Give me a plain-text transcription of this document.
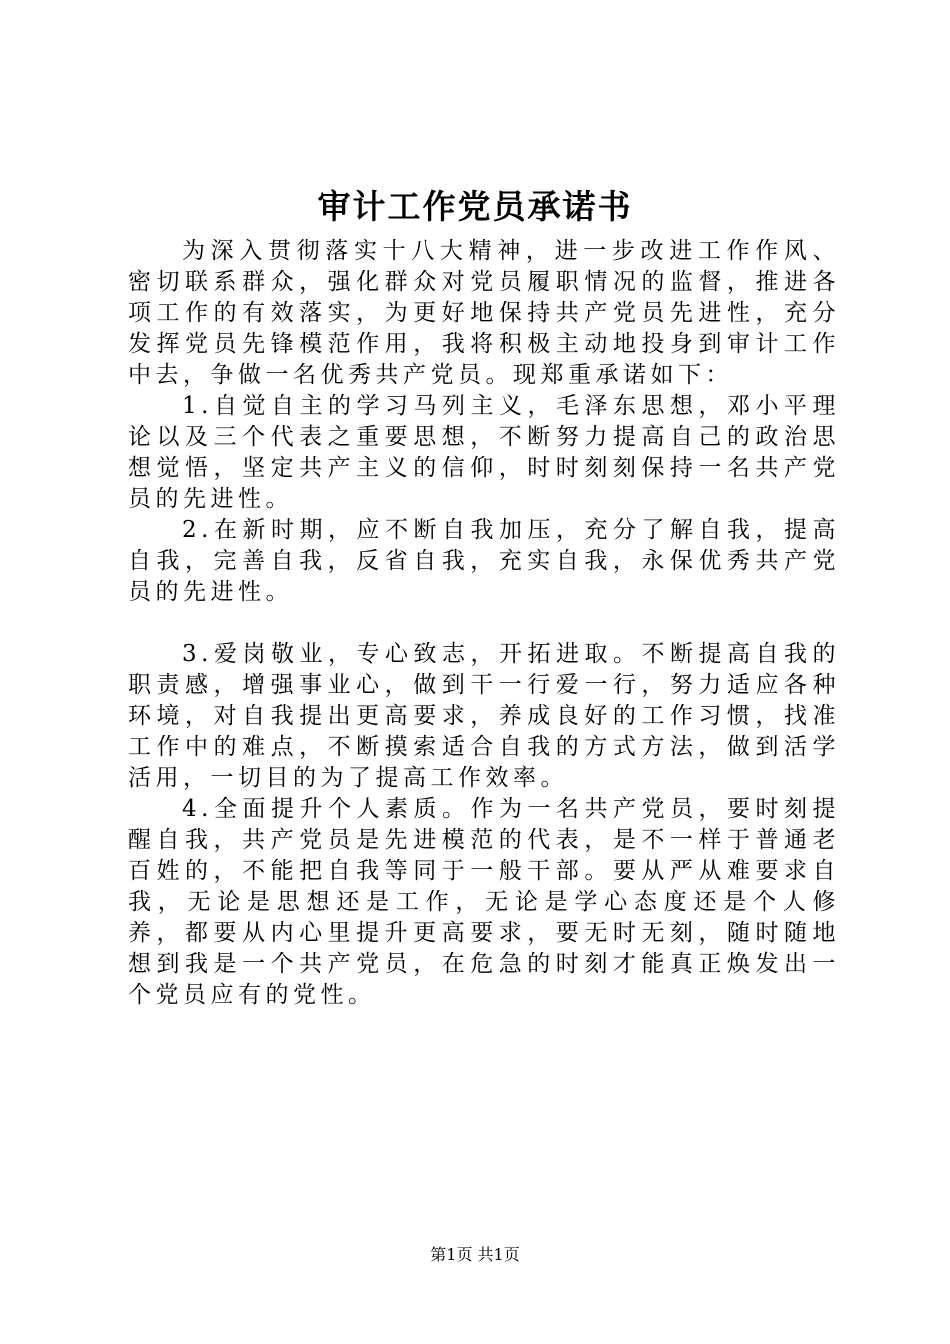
审计工作党员承诺书

为深入贯彻落实十八大精神，进一步改进工作作风、密切联系群众，强化群众对党员履职情况的监督，推进各项工作的有效落实，为更好地保持共产党员先进性，充分发挥党员先锋模范作用，我将积极主动地投身到审计工作中去，争做一名优秀共产党员。现郑重承诺如下：

1.自觉自主的学习马列主义，毛泽东思想，邓小平理论以及三个代表之重要思想，不断努力提高自己的政治思想觉悟，坚定共产主义的信仰，时时刻刻保持一名共产党员的先进性。

2.在新时期，应不断自我加压，充分了解自我，提高自我，完善自我，反省自我，充实自我，永保优秀共产党员的先进性。

3.爱岗敬业，专心致志，开拓进取。不断提高自我的职责感，增强事业心，做到干一行爱一行，努力适应各种环境，对自我提出更高要求，养成良好的工作习惯，找准工作中的难点，不断摸索适合自我的方式方法，做到活学活用，一切目的为了提高工作效率。

4.全面提升个人素质。作为一名共产党员，要时刻提醒自我，共产党员是先进模范的代表，是不一样于普通老百姓的，不能把自我等同于一般干部。要从严从难要求自我，无论是思想还是工作，无论是学心态度还是个人修养，都要从内心里提升更高要求，要无时无刻，随时随地想到我是一个共产党员，在危急的时刻才能真正焕发出一个党员应有的党性。

第1页 共1页
